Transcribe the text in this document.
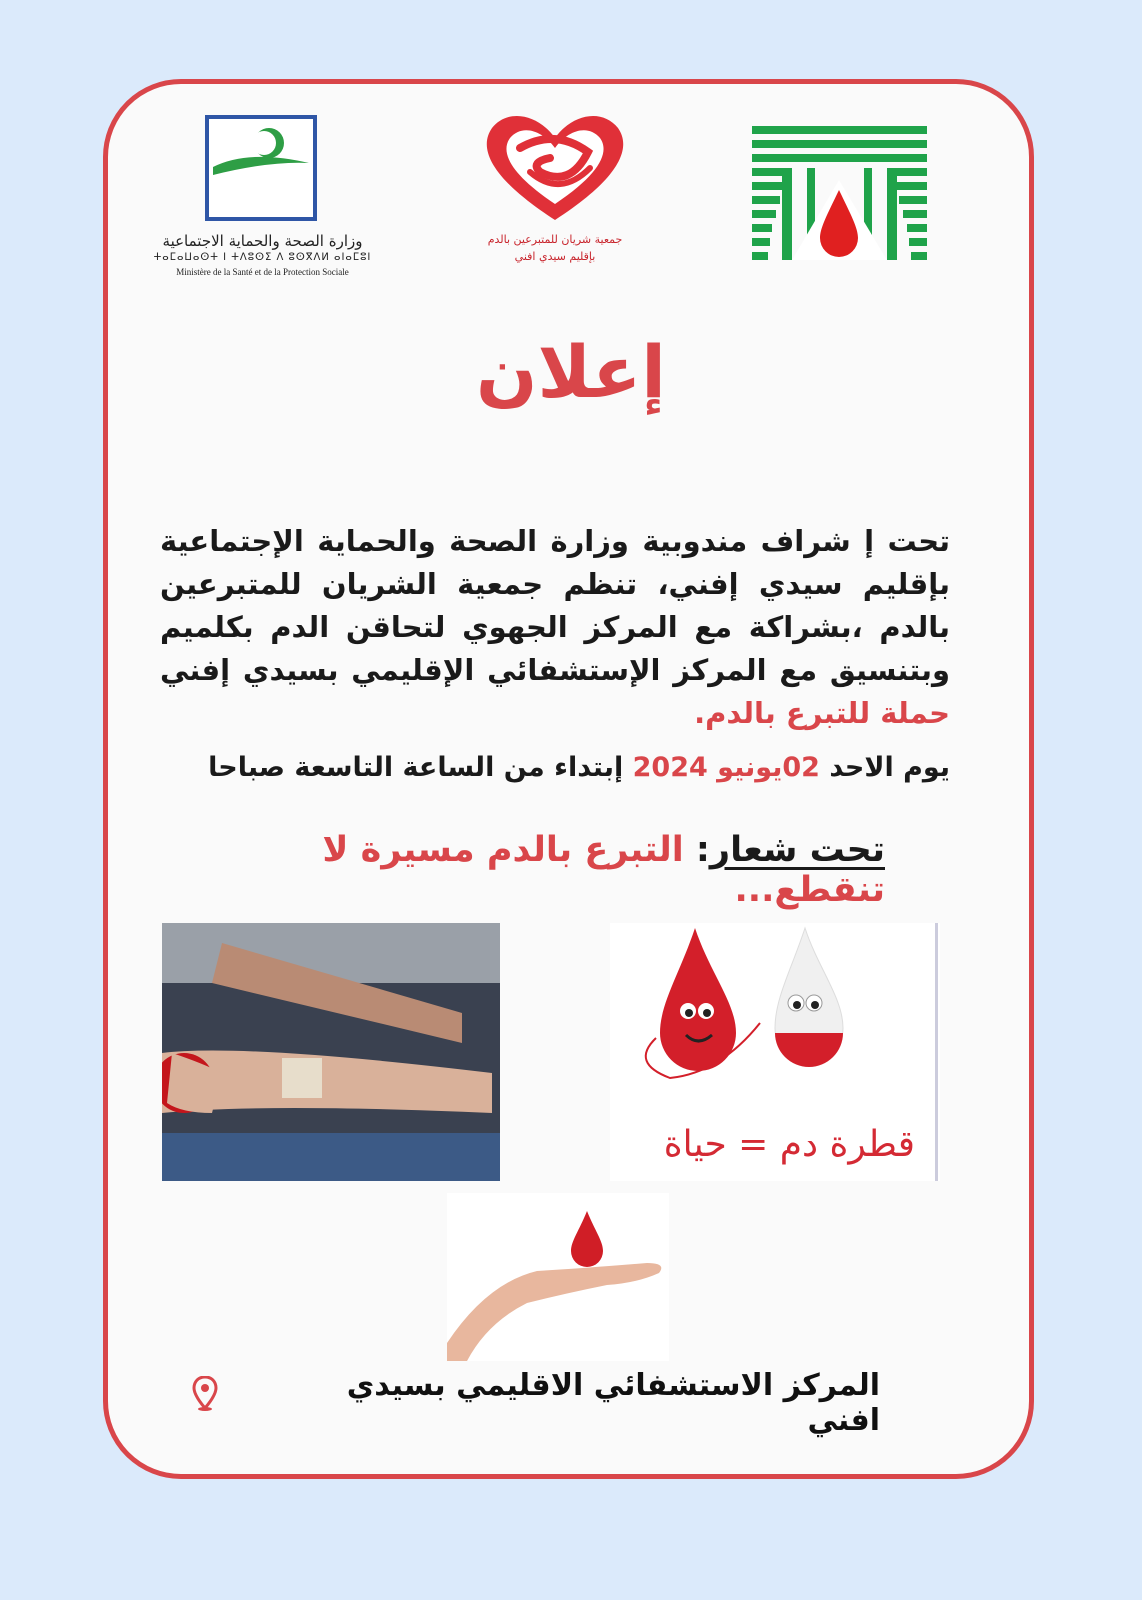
وزارة الصحة والحماية الاجتماعية
ⵜⴰⵎⴰⵡⴰⵙⵜ ⵏ ⵜⴷⵓⵙⵉ ⴷ ⵓⵙⴳⴷⵍ ⴰⵏⴰⵎⵓⵏ
Ministère de la Santé et de la Protection Sociale
جمعية شريان للمتبرعين بالدم
بإقليم سيدي افني
إعلان
تحت إ شراف مندوبية وزارة الصحة والحماية الإجتماعية بإقليم سيدي إفني، تنظم جمعية الشريان للمتبرعين بالدم ،بشراكة مع المركز الجهوي لتحاقن الدم بكلميم وبتنسيق مع المركز الإستشفائي الإقليمي بسيدي إفني حملة للتبرع بالدم.
يوم الاحد 02يونيو 2024 إبتداء من الساعة التاسعة صباحا
تحت شعار: التبرع بالدم مسيرة لا تنقطع...
قطرة دم = حياة
المركز الاستشفائي الاقليمي بسيدي افني
